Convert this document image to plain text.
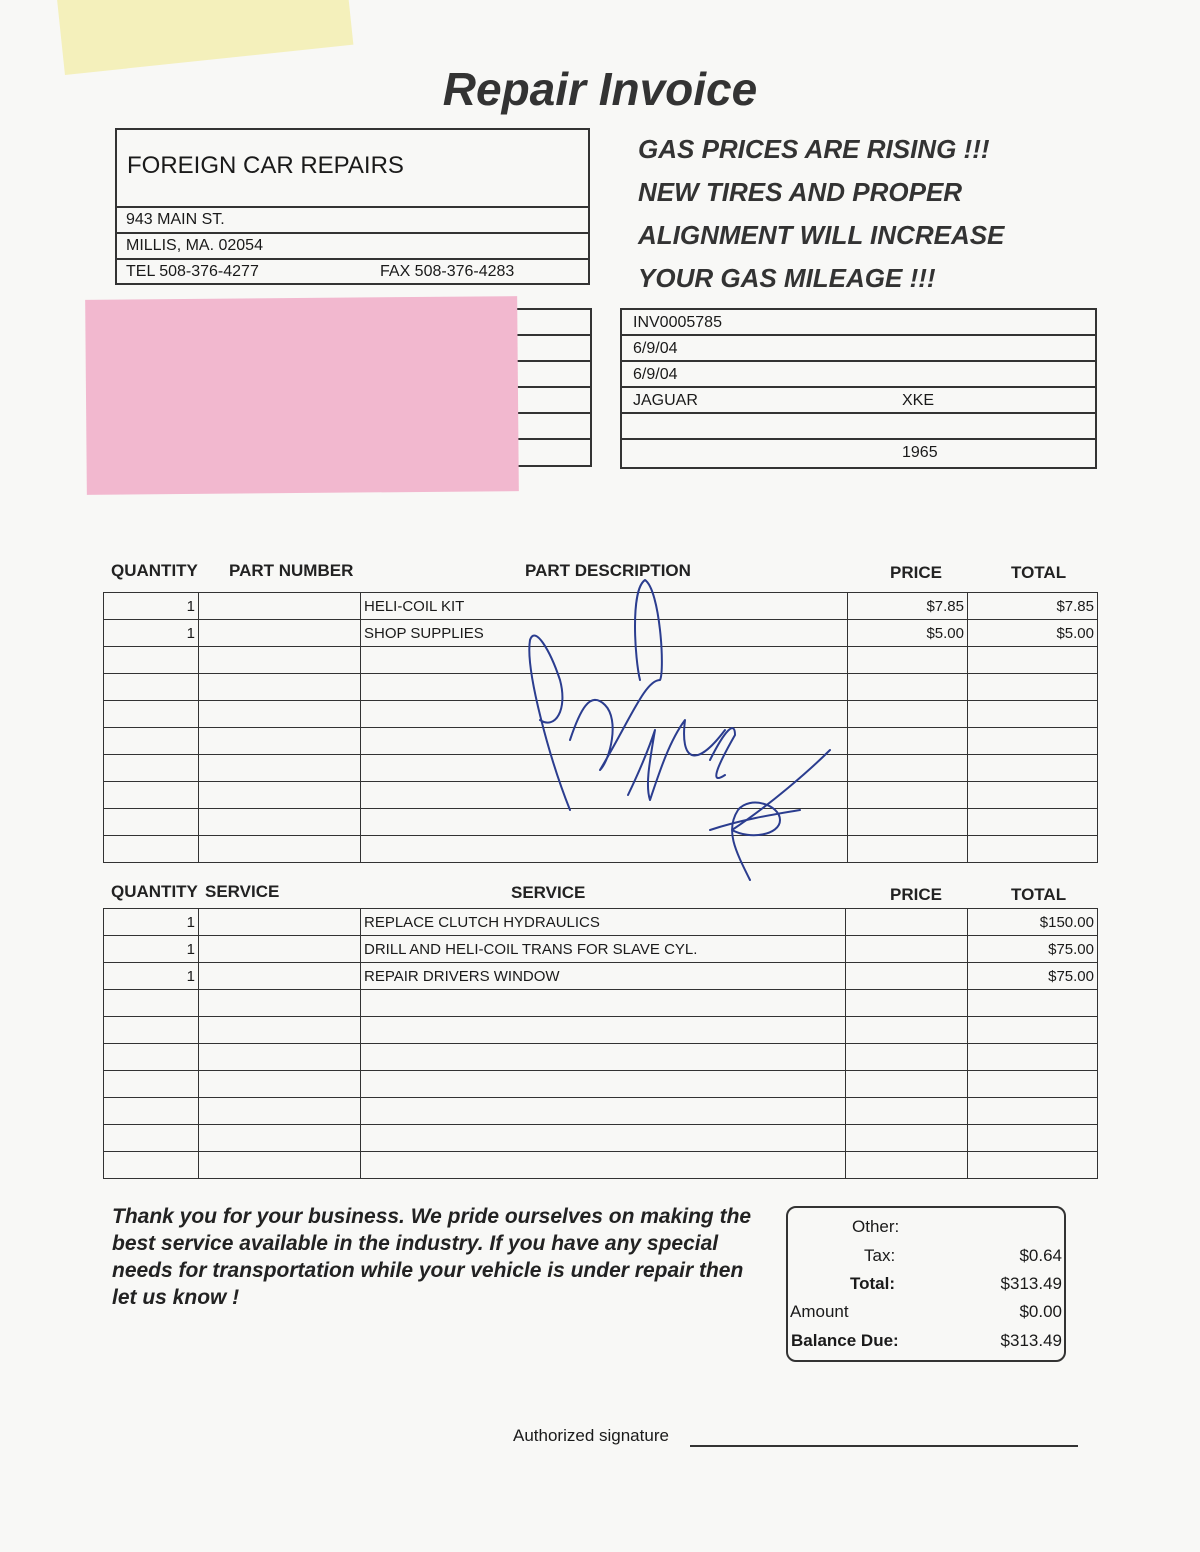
Repair Invoice
FOREIGN CAR REPAIRS
943 MAIN ST.
MILLIS, MA. 02054
TEL 508-376-4277	FAX 508-376-4283
GAS PRICES ARE RISING !!!
NEW TIRES AND PROPER
ALIGNMENT WILL INCREASE
YOUR GAS MILEAGE !!!
INV0005785
6/9/04
6/9/04
JAGUAR	XKE
1965
QUANTITY PART NUMBER	PART DESCRIPTION	PRICE	TOTAL
1		HELI-COIL KIT	$7.85	$7.85
1		SHOP SUPPLIES	$5.00	$5.00

QUANTITY SERVICE	SERVICE	PRICE	TOTAL
1		REPLACE CLUTCH HYDRAULICS		$150.00
1		DRILL AND HELI-COIL TRANS FOR SLAVE CYL.		$75.00
1		REPAIR DRIVERS WINDOW		$75.00

Thank you for your business. We pride ourselves on making the best service available in the industry. If you have any special needs for transportation while your vehicle is under repair then let us know !
Other:
Tax:	$0.64
Total:	$313.49
Amount	$0.00
Balance Due:	$313.49
Authorized signature
